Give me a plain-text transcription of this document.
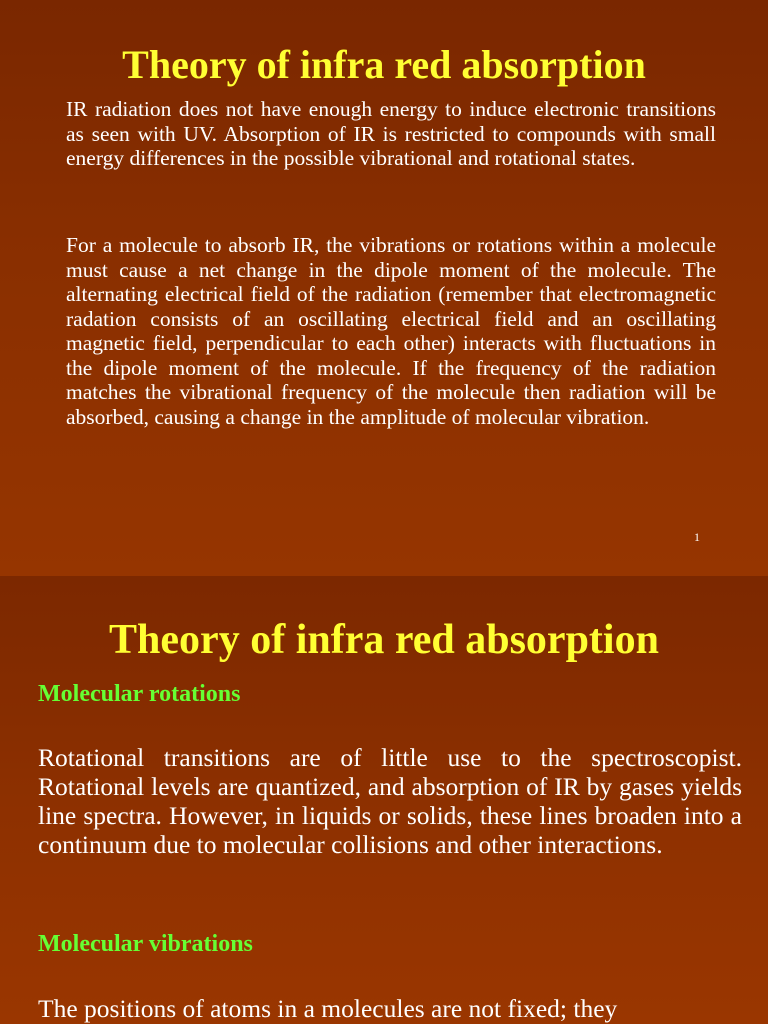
Theory of infra red absorption

IR radiation does not have enough energy to induce electronic transitions as seen with UV. Absorption of IR is restricted to compounds with small energy differences in the possible vibrational and rotational states.

For a molecule to absorb IR, the vibrations or rotations within a molecule must cause a net change in the dipole moment of the molecule. The alternating electrical field of the radiation (remember that electromagnetic radation consists of an oscillating electrical field and an oscillating magnetic field, perpendicular to each other) interacts with fluctuations in the dipole moment of the molecule. If the frequency of the radiation matches the vibrational frequency of the molecule then radiation will be absorbed, causing a change in the amplitude of molecular vibration.

1

Theory of infra red absorption
Molecular rotations

Rotational transitions are of little use to the spectroscopist. Rotational levels are quantized, and absorption of IR by gases yields line spectra. However, in liquids or solids, these lines broaden into a continuum due to molecular collisions and other interactions.

Molecular vibrations

The positions of atoms in a molecules are not fixed; they
